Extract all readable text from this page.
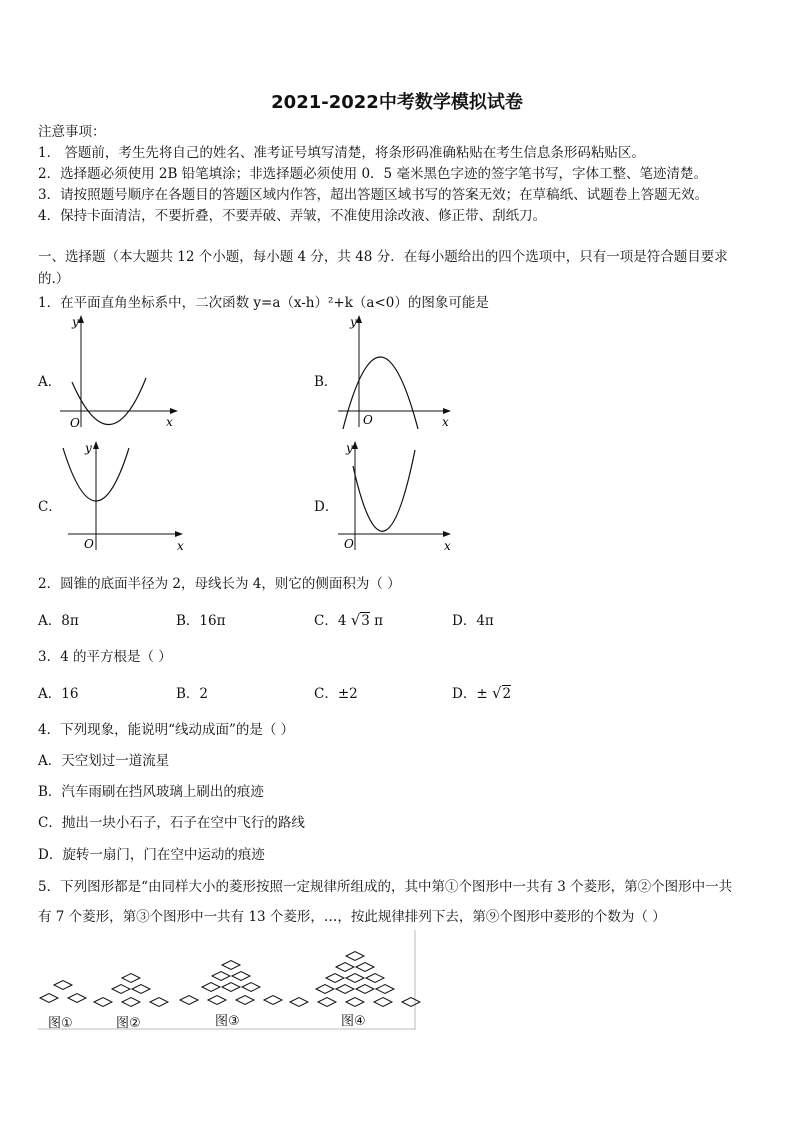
2021-2022中考数学模拟试卷
注意事项：
1． 答题前，考生先将自己的姓名、准考证号填写清楚，将条形码准确粘贴在考生信息条形码粘贴区。
2．选择题必须使用 2B 铅笔填涂；非选择题必须使用 0．5 毫米黑色字迹的签字笔书写，字体工整、笔迹清楚。
3．请按照题号顺序在各题目的答题区域内作答，超出答题区域书写的答案无效；在草稿纸、试题卷上答题无效。
4．保持卡面清洁，不要折叠，不要弄破、弄皱，不准使用涂改液、修正带、刮纸刀。
一、选择题（本大题共 12 个小题，每小题 4 分，共 48 分．在每小题给出的四个选项中，只有一项是符合题目要求
的.）
1．在平面直角坐标系中，二次函数 y=a（x-h）²+k（a<0）的图象可能是
A．	B．
C．	D．
y
x
O
y
x
O
y
x
O
y
x
O
2．圆锥的底面半径为 2，母线长为 4，则它的侧面积为（ ）
A．8π	B．16π	C．4 √3 π	D．4π
3．4 的平方根是（ ）
A．16	B．2	C．±2	D．± √2
4．下列现象，能说明“线动成面”的是（ ）
A．天空划过一道流星
B．汽车雨刷在挡风玻璃上刷出的痕迹
C．抛出一块小石子，石子在空中飞行的路线
D．旋转一扇门，门在空中运动的痕迹
5．下列图形都是“由同样大小的菱形按照一定规律所组成的，其中第①个图形中一共有 3 个菱形，第②个图形中一共
有 7 个菱形，第③个图形中一共有 13 个菱形，…，按此规律排列下去，第⑨个图形中菱形的个数为（ ）
图①	图②	图③	图④
